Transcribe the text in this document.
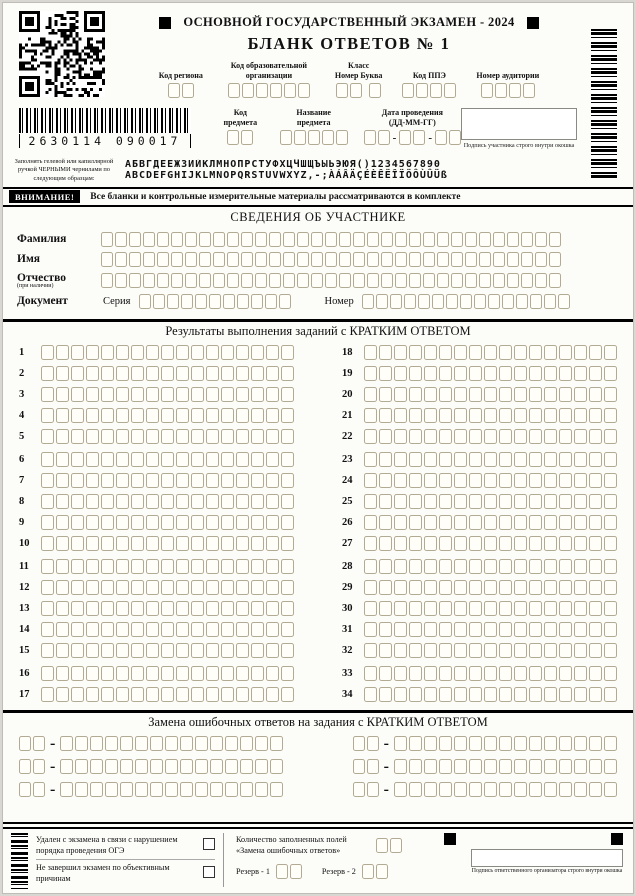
ОСНОВНОЙ ГОСУДАРСТВЕННЫЙ ЭКЗАМЕН - 2024
БЛАНК ОТВЕТОВ № 1
Код региона
Код образовательной организации
Класс
Номер Буква	Код ППЭ	Номер аудитории
2630114 090017
Код предмета
Название предмета
Дата проведения
(ДД-ММ-ГГ)
-	-
Подпись участника строго внутри окошка
Заполнять гелевой или капиллярной ручкой ЧЕРНЫМИ чернилами по следующим образцам:
АБВГДЕЁЖЗИЙКЛМНОПРСТУФХЦЧШЩЪЫЬЭЮЯ()1234567890
ABCDEFGHIJKLMNOPQRSTUVWXYZ,-;ÀÁÂÄÇÉÈÊËÎÏÖÔÙÛÜß
ВНИМАНИЕ!	Все бланки и контрольные измерительные материалы рассматриваются в комплекте
СВЕДЕНИЯ ОБ УЧАСТНИКЕ
Фамилия
Имя
Отчество
(при наличии)
Документ	Серия	Номер
Результаты выполнения заданий с КРАТКИМ ОТВЕТОМ
1
2
3
4
5
6
7
8
9
10
11
12
13
14
15
16
17
18
19
20
21
22
23
24
25
26
27
28
29
30
31
32
33
34
Замена ошибочных ответов на задания с КРАТКИМ ОТВЕТОМ
-	-
-	-
-	-
Удален с экзамена в связи с нарушением порядка проведения ОГЭ
Не завершил экзамен по объективным причинам
Количество заполненных полей «Замена ошибочных ответов»
Резерв - 1	Резерв - 2	Подпись ответственного организатора строго внутри окошка
